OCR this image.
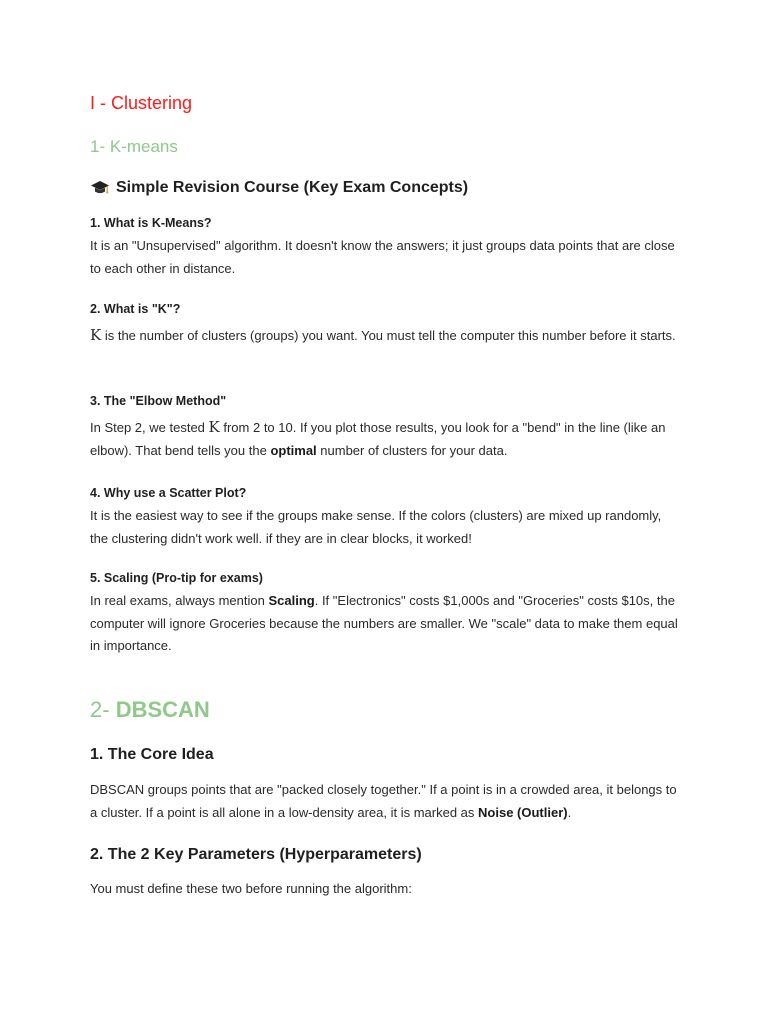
I - Clustering
1- K-means
Simple Revision Course (Key Exam Concepts)
1. What is K-Means?

It is an "Unsupervised" algorithm. It doesn't know the answers; it just groups data points that are close to each other in distance.

2. What is "K"?

K is the number of clusters (groups) you want. You must tell the computer this number before it starts.

3. The "Elbow Method"

In Step 2, we tested K from 2 to 10. If you plot those results, you look for a "bend" in the line (like an elbow). That bend tells you the optimal number of clusters for your data.

4. Why use a Scatter Plot?

It is the easiest way to see if the groups make sense. If the colors (clusters) are mixed up randomly, the clustering didn't work well. if they are in clear blocks, it worked!

5. Scaling (Pro-tip for exams)

In real exams, always mention Scaling. If "Electronics" costs $1,000s and "Groceries" costs $10s, the computer will ignore Groceries because the numbers are smaller. We "scale" data to make them equal in importance.

2- DBSCAN
1. The Core Idea

DBSCAN groups points that are "packed closely together." If a point is in a crowded area, it belongs to a cluster. If a point is all alone in a low-density area, it is marked as Noise (Outlier).

2. The 2 Key Parameters (Hyperparameters)

You must define these two before running the algorithm:
